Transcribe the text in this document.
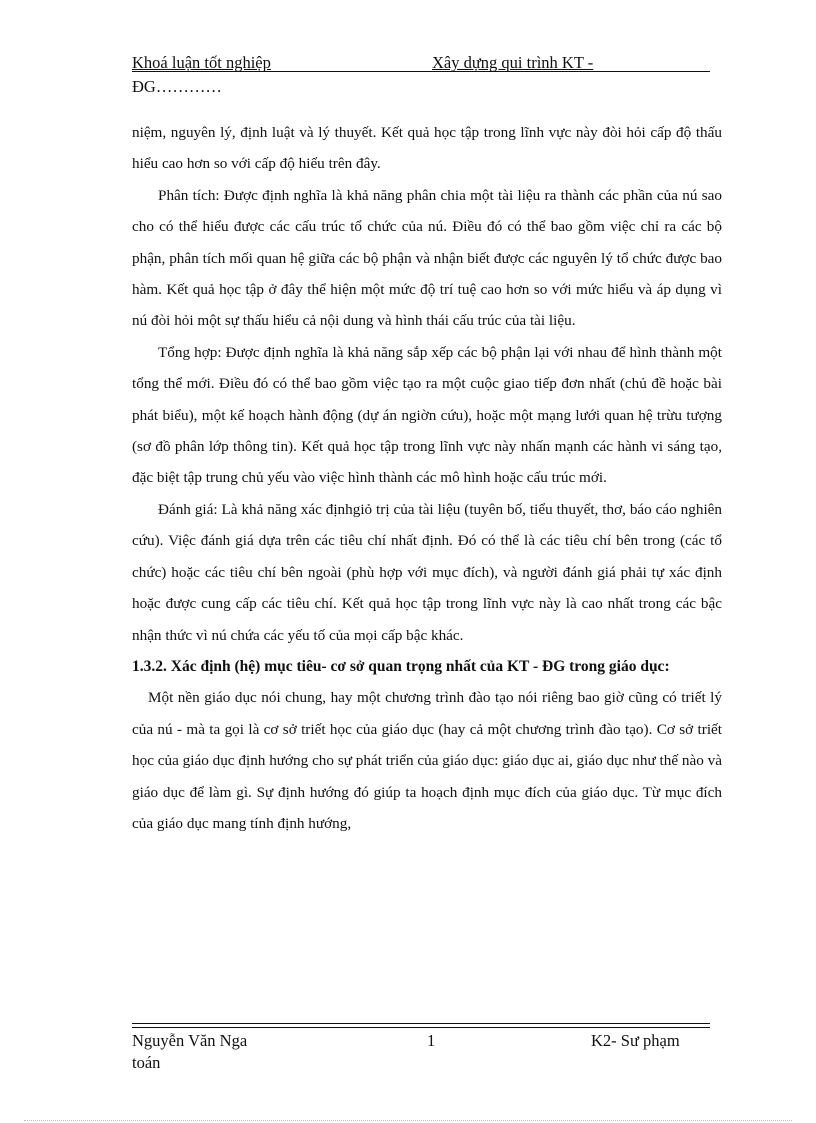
Khoá luận tốt nghiệp	Xây dựng qui trình KT -
ĐG…………

niệm, nguyên lý, định luật và lý thuyết. Kết quả học tập trong lĩnh vực này đòi hỏi cấp độ thấu hiểu cao hơn so với cấp độ hiểu trên đây.

Phân tích: Được định nghĩa là khả năng phân chia một tài liệu ra thành các phần của nú sao cho có thể hiểu được các cấu trúc tổ chức của nú. Điều đó có thể bao gồm việc chỉ ra các bộ phận, phân tích mối quan hệ giữa các bộ phận và nhận biết được các nguyên lý tổ chức được bao hàm. Kết quả học tập ở đây thể hiện một mức độ trí tuệ cao hơn so với mức hiểu và áp dụng vì nú đòi hỏi một sự thấu hiểu cả nội dung và hình thái cấu trúc của tài liệu.

Tổng hợp: Được định nghĩa là khả năng sắp xếp các bộ phận lại với nhau để hình thành một tổng thể mới. Điều đó có thể bao gồm việc tạo ra một cuộc giao tiếp đơn nhất (chủ đề hoặc bài phát biểu), một kế hoạch hành động (dự án ngiờn cứu), hoặc một mạng lưới quan hệ trừu tượng (sơ đồ phân lớp thông tin). Kết quả học tập trong lĩnh vực này nhấn mạnh các hành vi sáng tạo, đặc biệt tập trung chủ yếu vào việc hình thành các mô hình hoặc cấu trúc mới.

Đánh giá: Là khả năng xác địnhgiỏ trị của tài liệu (tuyên bố, tiểu thuyết, thơ, báo cáo nghiên cứu). Việc đánh giá dựa trên các tiêu chí nhất định. Đó có thể là các tiêu chí bên trong (các tổ chức) hoặc các tiêu chí bên ngoài (phù hợp với mục đích), và người đánh giá phải tự xác định hoặc được cung cấp các tiêu chí. Kết quả học tập trong lĩnh vực này là cao nhất trong các bậc nhận thức vì nú chứa các yếu tố của mọi cấp bậc khác.

1.3.2. Xác định (hệ) mục tiêu- cơ sở quan trọng nhất của KT - ĐG trong giáo dục:

Một nền giáo dục nói chung, hay một chương trình đào tạo nói riêng bao giờ cũng có triết lý của nú - mà ta gọi là cơ sở triết học của giáo dục (hay cả một chương trình đào tạo). Cơ sở triết học của giáo dục định hướng cho sự phát triển của giáo dục: giáo dục ai, giáo dục như thế nào và giáo dục để làm gì. Sự định hướng đó giúp ta hoạch định mục đích của giáo dục. Từ mục đích của giáo dục mang tính định hướng,

Nguyễn Văn Nga toán
1	K2- Sư phạm
